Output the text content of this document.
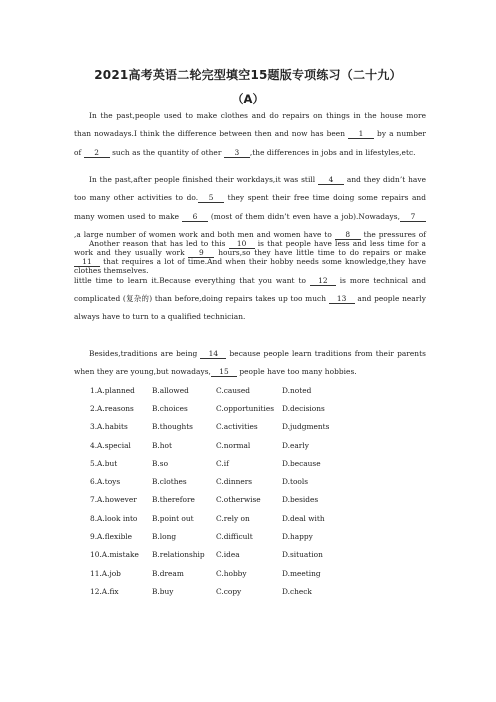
2021高考英语二轮完型填空15题版专项练习（二十九）
（A）
In the past,people used to make clothes and do repairs on things in the house more than nowadays.I think the difference between then and now has been 1 by a number of 2 such as the quantity of other 3 ,the differences in jobs and in lifestyles,etc.
In the past,after people finished their workdays,it was still 4 and they didn’t have too many other activities to do. 5 they spent their free time doing some repairs and many women used to make 6 (most of them didn’t even have a job).Nowadays, 7,a large number of women work and both men and women have to 8 the pressures of work and they usually work 9 hours,so they have little time to do repairs or make clothes themselves.
Another reason that has led to this 10 is that people have less and less time for a 11 that requires a lot of time.And when their hobby needs some knowledge,they have little time to learn it.Because everything that you want to 12 is more technical and complicated (复杂的) than before,doing repairs takes up too much 13 and people nearly always have to turn to a qualified technician.
Besides,traditions are being 14 because people learn traditions from their parents when they are young,but nowadays, 15 people have too many hobbies.
1.A.planned	B.allowed	C.caused	D.noted
2.A.reasons	B.choices	C.opportunities	D.decisions
3.A.habits	B.thoughts	C.activities	D.judgments
4.A.special	B.hot	C.normal	D.early
5.A.but	B.so	C.if	D.because
6.A.toys	B.clothes	C.dinners	D.tools
7.A.however	B.therefore	C.otherwise	D.besides
8.A.look into	B.point out	C.rely on	D.deal with
9.A.flexible	B.long	C.difficult	D.happy
10.A.mistake	B.relationship	C.idea	D.situation
11.A.job	B.dream	C.hobby	D.meeting
12.A.fix	B.buy	C.copy	D.check
